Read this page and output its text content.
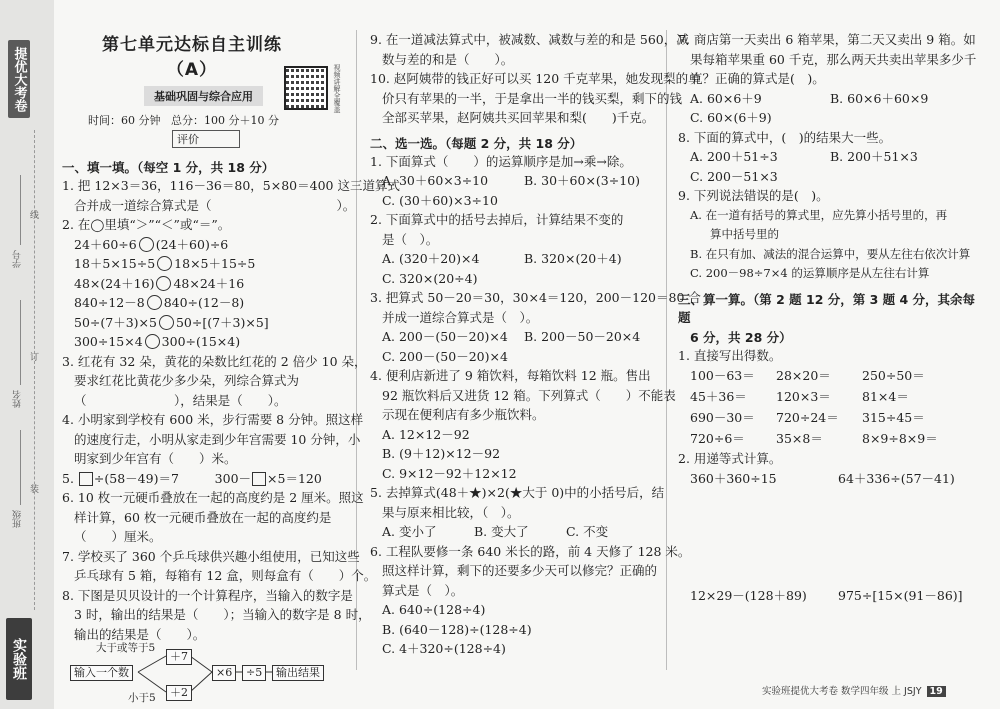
提优大考卷
学号
姓名
班级
线
订
装
实验班
第七单元达标自主训练（A）
基础巩固与综合应用
时间：60 分钟 总分：100 分＋10 分
评价
视频讲解全覆盖
一、填一填。（每空 1 分，共 18 分）
1. 把 12×3＝36，116－36＝80，5×80＝400 这三道算式
合并成一道综合算式是（　　　　　　　　　　）。
2. 在◯里填“＞”“＜”或“＝”。
24＋60÷6 (24＋60)÷6
18＋5×15÷5 18×5＋15÷5
48×(24＋16) 48×24＋16
840÷12－8 840÷(12－8)
50÷(7＋3)×5 50÷[(7＋3)×5]
300÷15×4 300÷(15×4)
3. 红花有 32 朵，黄花的朵数比红花的 2 倍少 10 朵，
要求红花比黄花少多少朵，列综合算式为
（　　　　　　　），结果是（　　）。
4. 小明家到学校有 600 米，步行需要 8 分钟。照这样
的速度行走，小明从家走到少年宫需要 10 分钟，小
明家到少年宫有（　　）米。
5. ÷(58－49)＝7	300－ ×5＝120
6. 10 枚一元硬币叠放在一起的高度约是 2 厘米。照这
样计算，60 枚一元硬币叠放在一起的高度约是
（　　）厘米。
7. 学校买了 360 个乒乓球供兴趣小组使用，已知这些
乒乓球有 5 箱，每箱有 12 盒，则每盒有（　　）个。
8. 下图是贝贝设计的一个计算程序，当输入的数字是
3 时，输出的结果是（　　）；当输入的数字是 8 时，
输出的结果是（　　）。
大于或等于5
＋7
输入一个数	×6	÷5	输出结果
＋2
小于5
9. 在一道减法算式中，被减数、减数与差的和是 560，减
数与差的和是（　　）。
10. 赵阿姨带的钱正好可以买 120 千克苹果，她发现梨的单
价只有苹果的一半，于是拿出一半的钱买梨，剩下的钱
全部买苹果，赵阿姨共买回苹果和梨(　　)千克。
二、选一选。（每题 2 分，共 18 分）
1. 下面算式（　　）的运算顺序是加→乘→除。
A. 30＋60×3÷10	B. 30＋60×(3÷10)
C. (30＋60)×3÷10
2. 下面算式中的括号去掉后，计算结果不变的
是（　）。
A. (320＋20)×4	B. 320×(20＋4)
C. 320×(20÷4)
3. 把算式 50－20＝30，30×4＝120，200－120＝80 合
并成一道综合算式是（　）。
A. 200－(50－20)×4 B. 200－50－20×4
C. 200－(50－20)×4
4. 便利店新进了 9 箱饮料，每箱饮料 12 瓶。售出
92 瓶饮料后又进货 12 箱。下列算式（　　）不能表
示现在便利店有多少瓶饮料。
A. 12×12－92
B. (9＋12)×12－92
C. 9×12－92＋12×12
5. 去掉算式(48＋★)×2(★大于 0)中的小括号后，结
果与原来相比较，（　）。
A. 变小了	B. 变大了	C. 不变
6. 工程队要修一条 640 米长的路，前 4 天修了 128 米。
照这样计算，剩下的还要多少天可以修完？正确的
算式是（　）。
A. 640÷(128÷4)
B. (640－128)÷(128÷4)
C. 4＋320÷(128÷4)
7. 商店第一天卖出 6 箱苹果，第二天又卖出 9 箱。如
果每箱苹果重 60 千克，那么两天共卖出苹果多少千
克？正确的算式是(　)。
A. 60×6＋9	B. 60×6＋60×9
C. 60×(6＋9)
8. 下面的算式中，(　)的结果大一些。
A. 200＋51÷3	B. 200＋51×3
C. 200－51×3
9. 下列说法错误的是(　)。
A. 在一道有括号的算式里，应先算小括号里的，再
算中括号里的
B. 在只有加、减法的混合运算中，要从左往右依次计算
C. 200－98÷7×4 的运算顺序是从左往右计算
三、算一算。（第 2 题 12 分，第 3 题 4 分，其余每题
6 分，共 28 分）
1. 直接写出得数。
100－63＝	28×20＝	250÷50＝
45＋36＝	120×3＝	81×4＝
690－30＝	720÷24＝	315÷45＝
720÷6＝	35×8＝	8×9÷8×9＝
2. 用递等式计算。
360＋360÷15	64＋336÷(57－41)
12×29－(128＋89) 975÷[15×(91－86)]
实验班提优大考卷 数学四年级 上 JSJY 19
